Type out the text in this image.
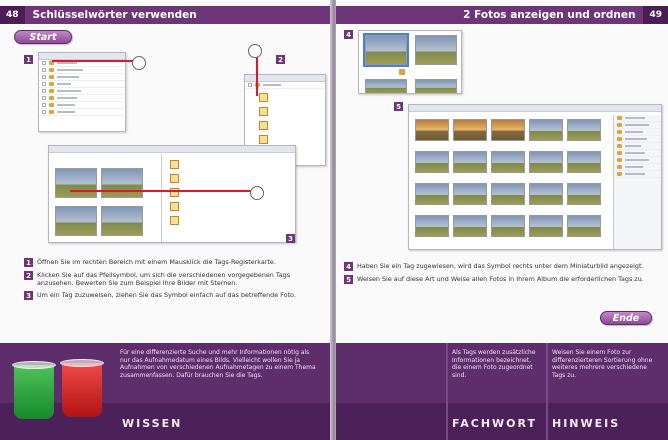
48	Schlüsselwörter verwenden
Start
1	2
3
1 Öffnen Sie im rechten Bereich mit einem Mausklick die Tags-Registerkarte.
2 Klicken Sie auf das Pfeilsymbol, um sich die verschiedenen vorgegebenen Tags anzusehen. Bewerten Sie zum Beispiel Ihre Bilder mit Sternen.
3 Um ein Tag zuzuweisen, ziehen Sie das Symbol einfach auf das betreffende Foto.
Für eine differenzierte Suche und mehr Informationen nötig als nur das Aufnahmedatum eines Bilds. Vielleicht wollen Sie ja Aufnahmen von verschiedenen Aufnahmetagen zu einem Thema zusammenfassen. Dafür brauchen Sie die Tags.
WISSEN
2 Fotos anzeigen und ordnen	49
4
5
4 Haben Sie ein Tag zugewiesen, wird das Symbol rechts unter dem Miniaturbild angezeigt.
5 Weisen Sie auf diese Art und Weise allen Fotos in Ihrem Album die erforderlichen Tags zu.
Ende
Als Tags werden zusätzliche Informationen bezeichnet, die einem Foto zugeordnet sind.
Weisen Sie einem Foto zur differenzierteren Sortierung ohne weiteres mehrere verschiedene Tags zu.
FACHWORT HINWEIS
